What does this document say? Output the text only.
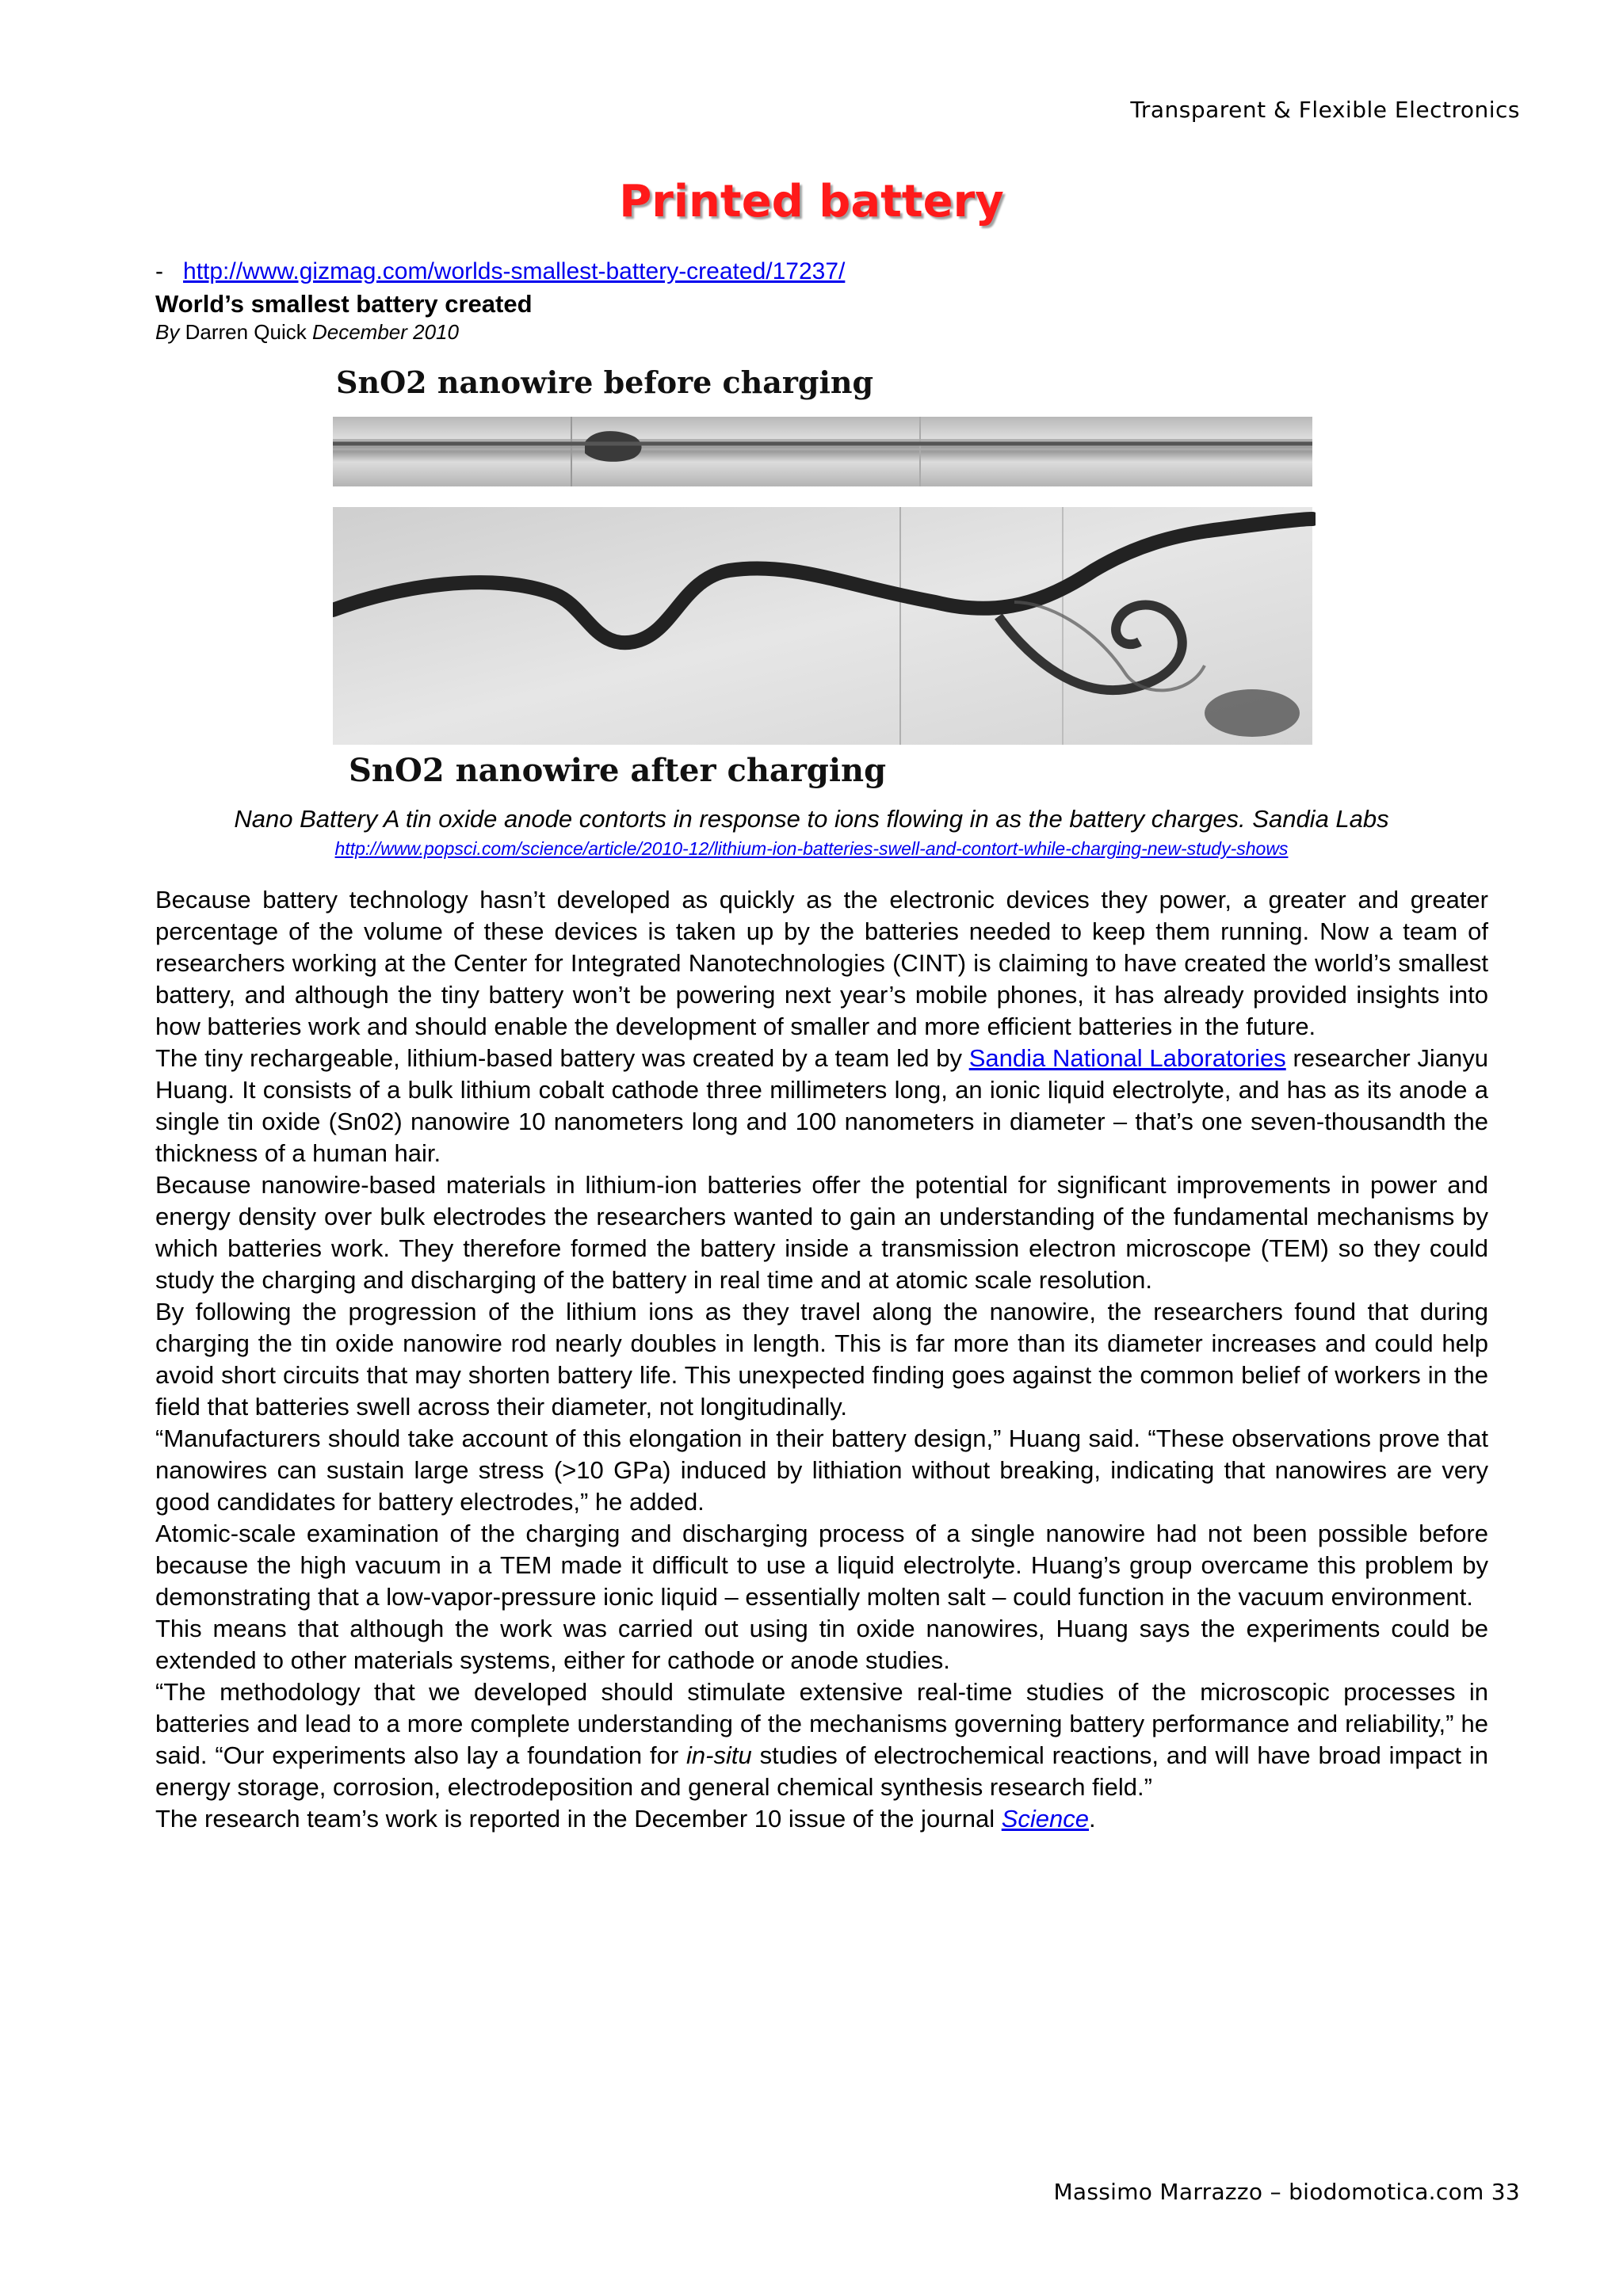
Transparent & Flexible Electronics
Printed battery
- http://www.gizmag.com/worlds-smallest-battery-created/17237/
World’s smallest battery created
By Darren Quick December 2010
SnO2 nanowire before charging
SnO2 nanowire after charging
Nano Battery A tin oxide anode contorts in response to ions flowing in as the battery charges. Sandia Labs
http://www.popsci.com/science/article/2010-12/lithium-ion-batteries-swell-and-contort-while-charging-new-study-shows

Because battery technology hasn’t developed as quickly as the electronic devices they power, a greater and greater percentage of the volume of these devices is taken up by the batteries needed to keep them running. Now a team of researchers working at the Center for Integrated Nanotechnologies (CINT) is claiming to have created the world’s smallest battery, and although the tiny battery won’t be powering next year’s mobile phones, it has already provided insights into how batteries work and should enable the development of smaller and more efficient batteries in the future.

The tiny rechargeable, lithium-based battery was created by a team led by Sandia National Laboratories researcher Jianyu Huang. It consists of a bulk lithium cobalt cathode three millimeters long, an ionic liquid electrolyte, and has as its anode a single tin oxide (Sn02) nanowire 10 nanometers long and 100 nanometers in diameter – that’s one seven-thousandth the thickness of a human hair.

Because nanowire-based materials in lithium-ion batteries offer the potential for significant improvements in power and energy density over bulk electrodes the researchers wanted to gain an understanding of the fundamental mechanisms by which batteries work. They therefore formed the battery inside a transmission electron microscope (TEM) so they could study the charging and discharging of the battery in real time and at atomic scale resolution.

By following the progression of the lithium ions as they travel along the nanowire, the researchers found that during charging the tin oxide nanowire rod nearly doubles in length. This is far more than its diameter increases and could help avoid short circuits that may shorten battery life. This unexpected finding goes against the common belief of workers in the field that batteries swell across their diameter, not longitudinally.

“Manufacturers should take account of this elongation in their battery design,” Huang said. “These observations prove that nanowires can sustain large stress (>10 GPa) induced by lithiation without breaking, indicating that nanowires are very good candidates for battery electrodes,” he added.

Atomic-scale examination of the charging and discharging process of a single nanowire had not been possible before because the high vacuum in a TEM made it difficult to use a liquid electrolyte. Huang’s group overcame this problem by demonstrating that a low-vapor-pressure ionic liquid – essentially molten salt – could function in the vacuum environment.

This means that although the work was carried out using tin oxide nanowires, Huang says the experiments could be extended to other materials systems, either for cathode or anode studies.

“The methodology that we developed should stimulate extensive real-time studies of the microscopic processes in batteries and lead to a more complete understanding of the mechanisms governing battery performance and reliability,” he said. “Our experiments also lay a foundation for in-situ studies of electrochemical reactions, and will have broad impact in energy storage, corrosion, electrodeposition and general chemical synthesis research field.”

The research team’s work is reported in the December 10 issue of the journal Science.

Massimo Marrazzo – biodomotica.com 33
